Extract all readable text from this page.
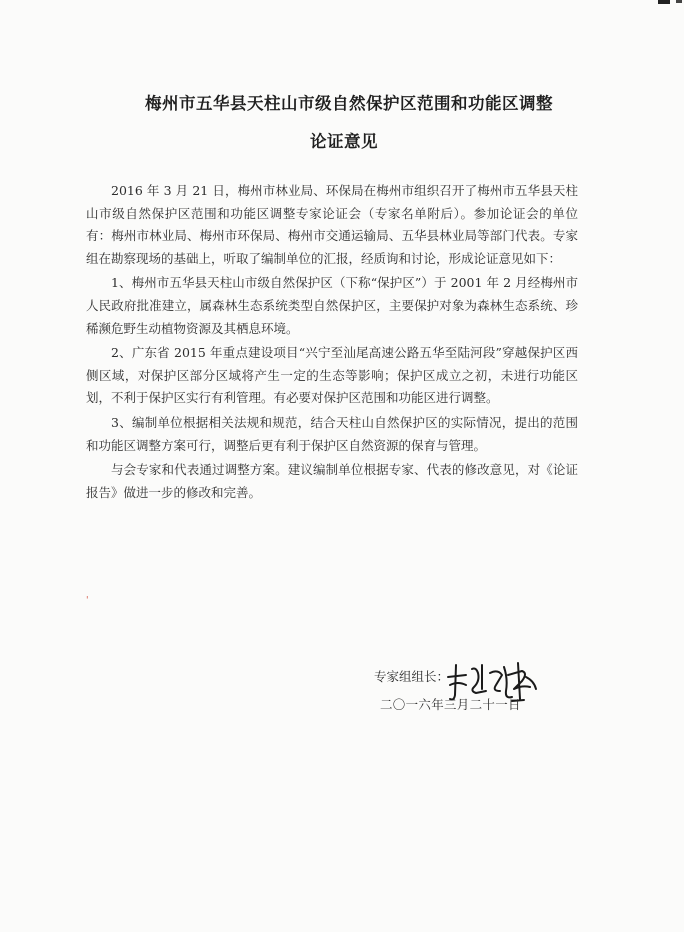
梅州市五华县天柱山市级自然保护区范围和功能区调整
论证意见

2016 年 3 月 21 日，梅州市林业局、环保局在梅州市组织召开了梅州市五华县天柱山市级自然保护区范围和功能区调整专家论证会（专家名单附后）。参加论证会的单位有：梅州市林业局、梅州市环保局、梅州市交通运输局、五华县林业局等部门代表。专家组在勘察现场的基础上，听取了编制单位的汇报，经质询和讨论，形成论证意见如下：

1、梅州市五华县天柱山市级自然保护区（下称“保护区”）于 2001 年 2 月经梅州市人民政府批准建立，属森林生态系统类型自然保护区，主要保护对象为森林生态系统、珍稀濒危野生动植物资源及其栖息环境。

2、广东省 2015 年重点建设项目“兴宁至汕尾高速公路五华至陆河段”穿越保护区西侧区域，对保护区部分区域将产生一定的生态等影响；保护区成立之初，未进行功能区划，不利于保护区实行有利管理。有必要对保护区范围和功能区进行调整。

3、编制单位根据相关法规和规范，结合天柱山自然保护区的实际情况，提出的范围和功能区调整方案可行，调整后更有利于保护区自然资源的保育与管理。

与会专家和代表通过调整方案。建议编制单位根据专家、代表的修改意见，对《论证报告》做进一步的修改和完善。

'
专家组组长：
二〇一六年三月二十一日
